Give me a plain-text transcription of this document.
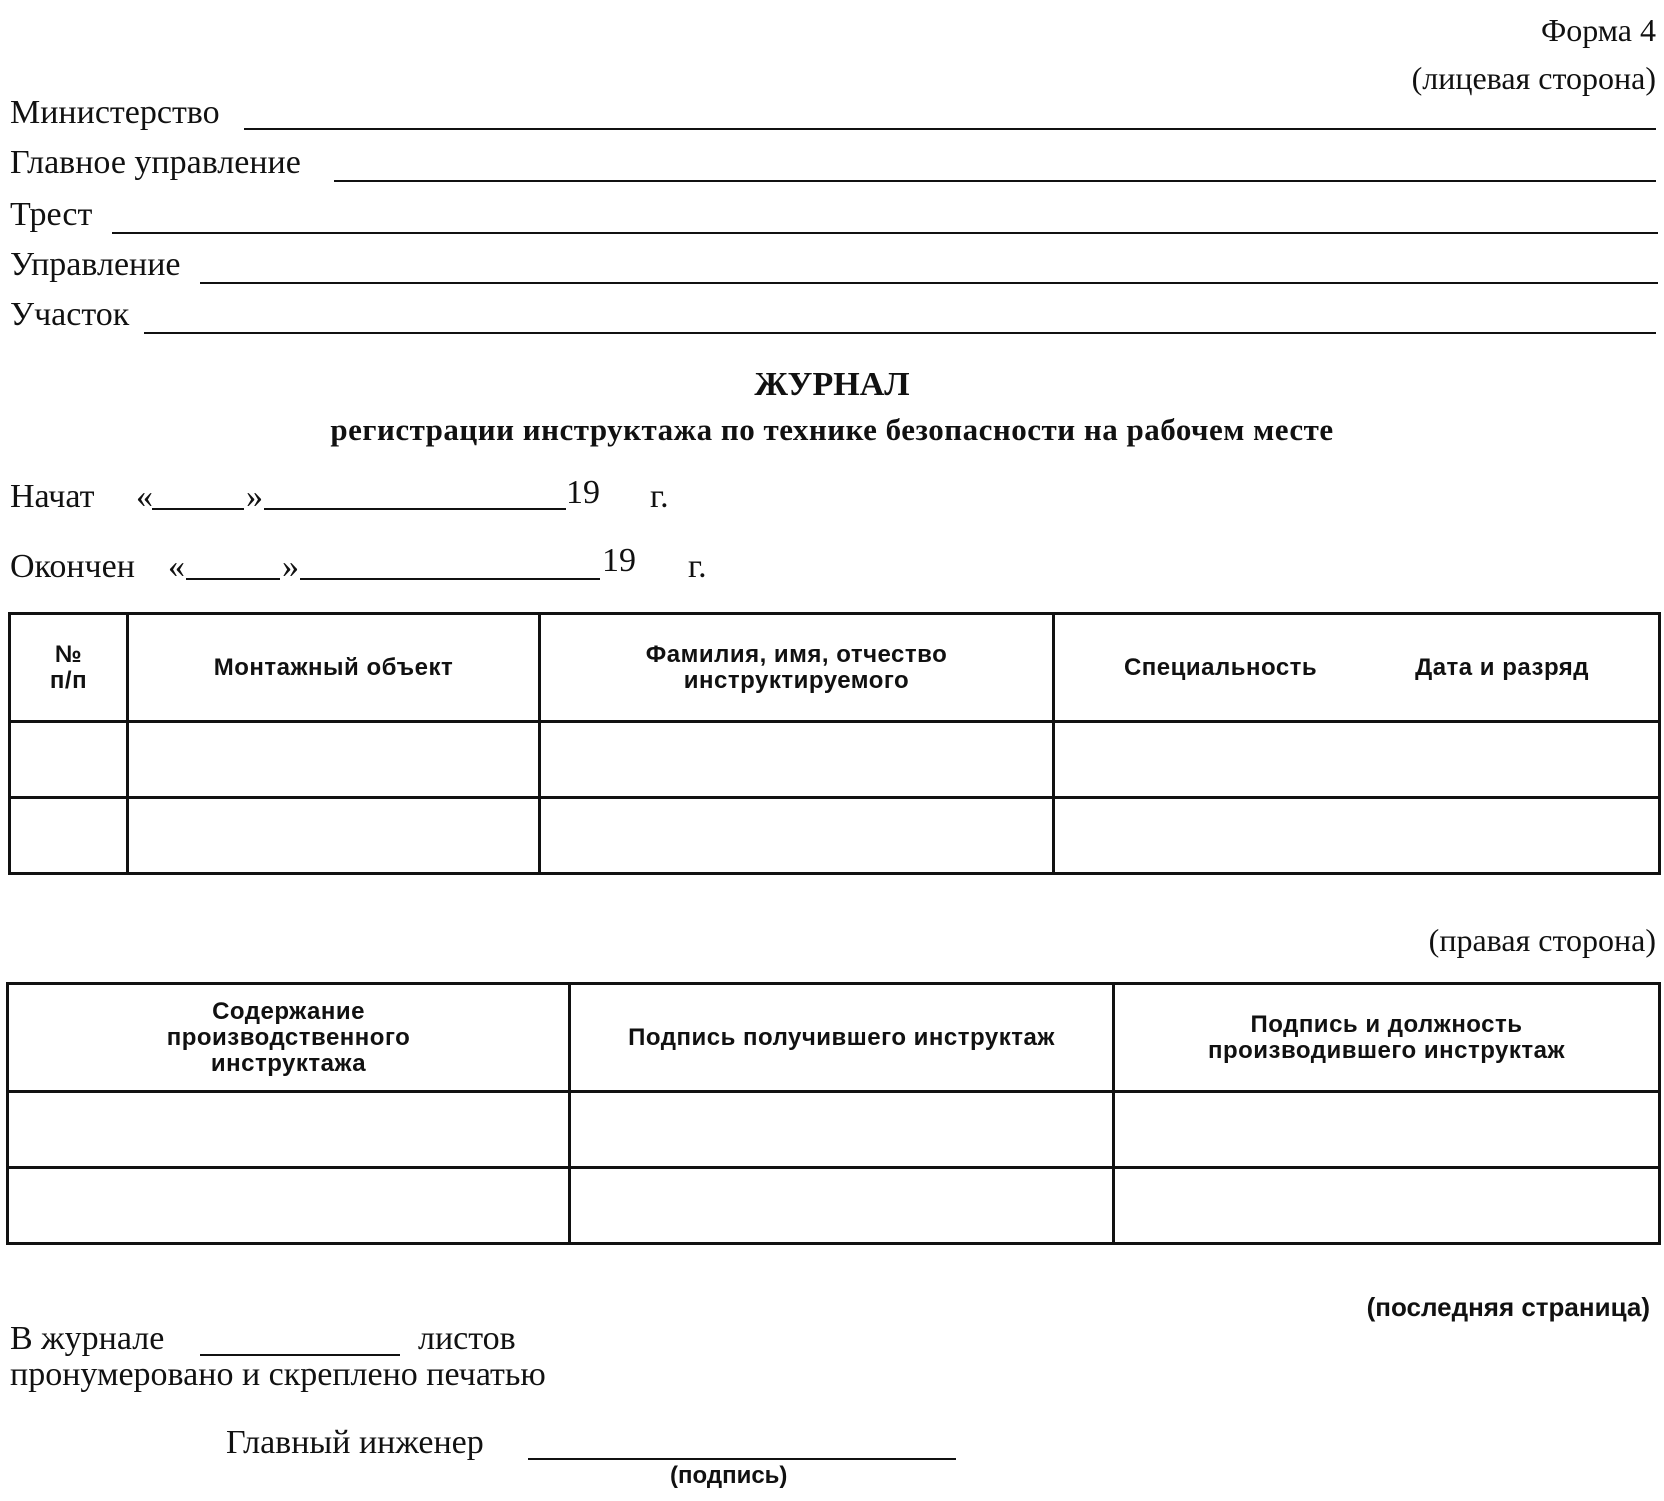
Форма 4
(лицевая сторона)
Министерство
Главное управление
Трест
Управление
Участок
ЖУРНАЛ
регистрации инструктажа по технике безопасности на рабочем месте
Начат «	»	19 г.
Окончен «	»	19 г.
№
п/п	Монтажный объект	Фамилия, имя, отчество инструктируемого	Специальность Дата и разряд

(правая сторона)
Содержание производственного инструктажа	Подпись получившего инструктаж	Подпись и должность производившего инструктаж

(последняя страница)
В журнале	листов
пронумеровано и скреплено печатью
Главный инженер
(подпись)
